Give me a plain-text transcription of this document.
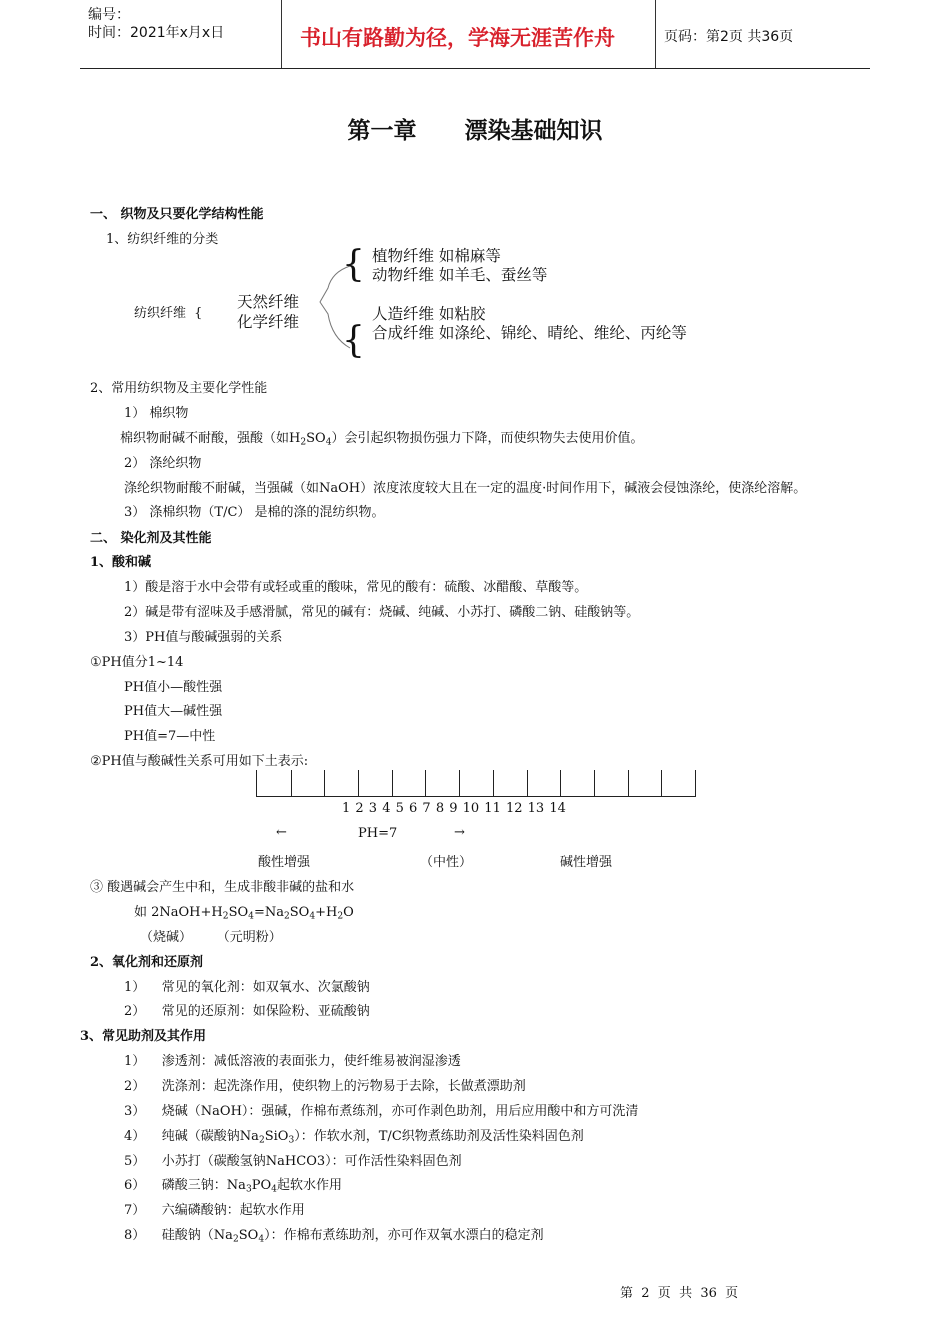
编号：
时间：2021年x月x日	书山有路勤为径，学海无涯苦作舟	页码：第2页 共36页
第一章 漂染基础知识
一、 织物及只要化学结构性能
1、纺织纤维的分类
纺织纤维 {
天然纤维
化学纤维
{
{
植物纤维 如棉麻等
动物纤维 如羊毛、蚕丝等
人造纤维 如粘胶
合成纤维 如涤纶、锦纶、晴纶、维纶、丙纶等
2、常用纺织物及主要化学性能
1） 棉织物
棉织物耐碱不耐酸，强酸（如$H_2SO_4$）会引起织物损伤强力下降，而使织物失去使用价值。
2） 涤纶织物
涤纶织物耐酸不耐碱，当强碱（如NaOH）浓度浓度较大且在一定的温度·时间作用下，碱液会侵蚀涤纶，使涤纶溶解。
3） 涤棉织物（T/C） 是棉的涤的混纺织物。
二、 染化剂及其性能
1、酸和碱
1）酸是溶于水中会带有或轻或重的酸味，常见的酸有：硫酸、冰醋酸、草酸等。
2）碱是带有涩味及手感滑腻，常见的碱有：烧碱、纯碱、小苏打、磷酸二钠、硅酸钠等。
3）PH值与酸碱强弱的关系
①PH值分1~14
PH值小—酸性强
PH值大—碱性强
PH值=7—中性
②PH值与酸碱性关系可用如下土表示:
1 2 3 4 5 6 7 8 9 10 11 12 13 14
←	PH=7	→
酸性增强	（中性）	碱性增强
③ 酸遇碱会产生中和，生成非酸非碱的盐和水
如 $2NaOH+H_2SO_4=Na_2SO_4+H_2O$
（烧碱）      （元明粉）
2、氧化剂和还原剂
1）    常见的氧化剂：如双氧水、次氯酸钠
2）    常见的还原剂：如保险粉、亚硫酸钠
3、常见助剂及其作用
1）    渗透剂：减低溶液的表面张力，使纤维易被润湿渗透
2）    洗涤剂：起洗涤作用，使织物上的污物易于去除，长做煮漂助剂
3）    烧碱（NaOH）：强碱，作棉布煮练剂，亦可作剥色助剂，用后应用酸中和方可洗清
4）    纯碱（碳酸钠$Na_2SiO_3$）：作软水剂，T/C织物煮练助剂及活性染料固色剂
5）    小苏打（碳酸氢钠NaHCO3）：可作活性染料固色剂
6）    磷酸三钠：$Na_3PO_4$起软水作用
7）    六编磷酸钠：起软水作用
8）    硅酸钠$(Na_2SO_4)$：作棉布煮练助剂，亦可作双氧水漂白的稳定剂
第  2  页  共  36  页
